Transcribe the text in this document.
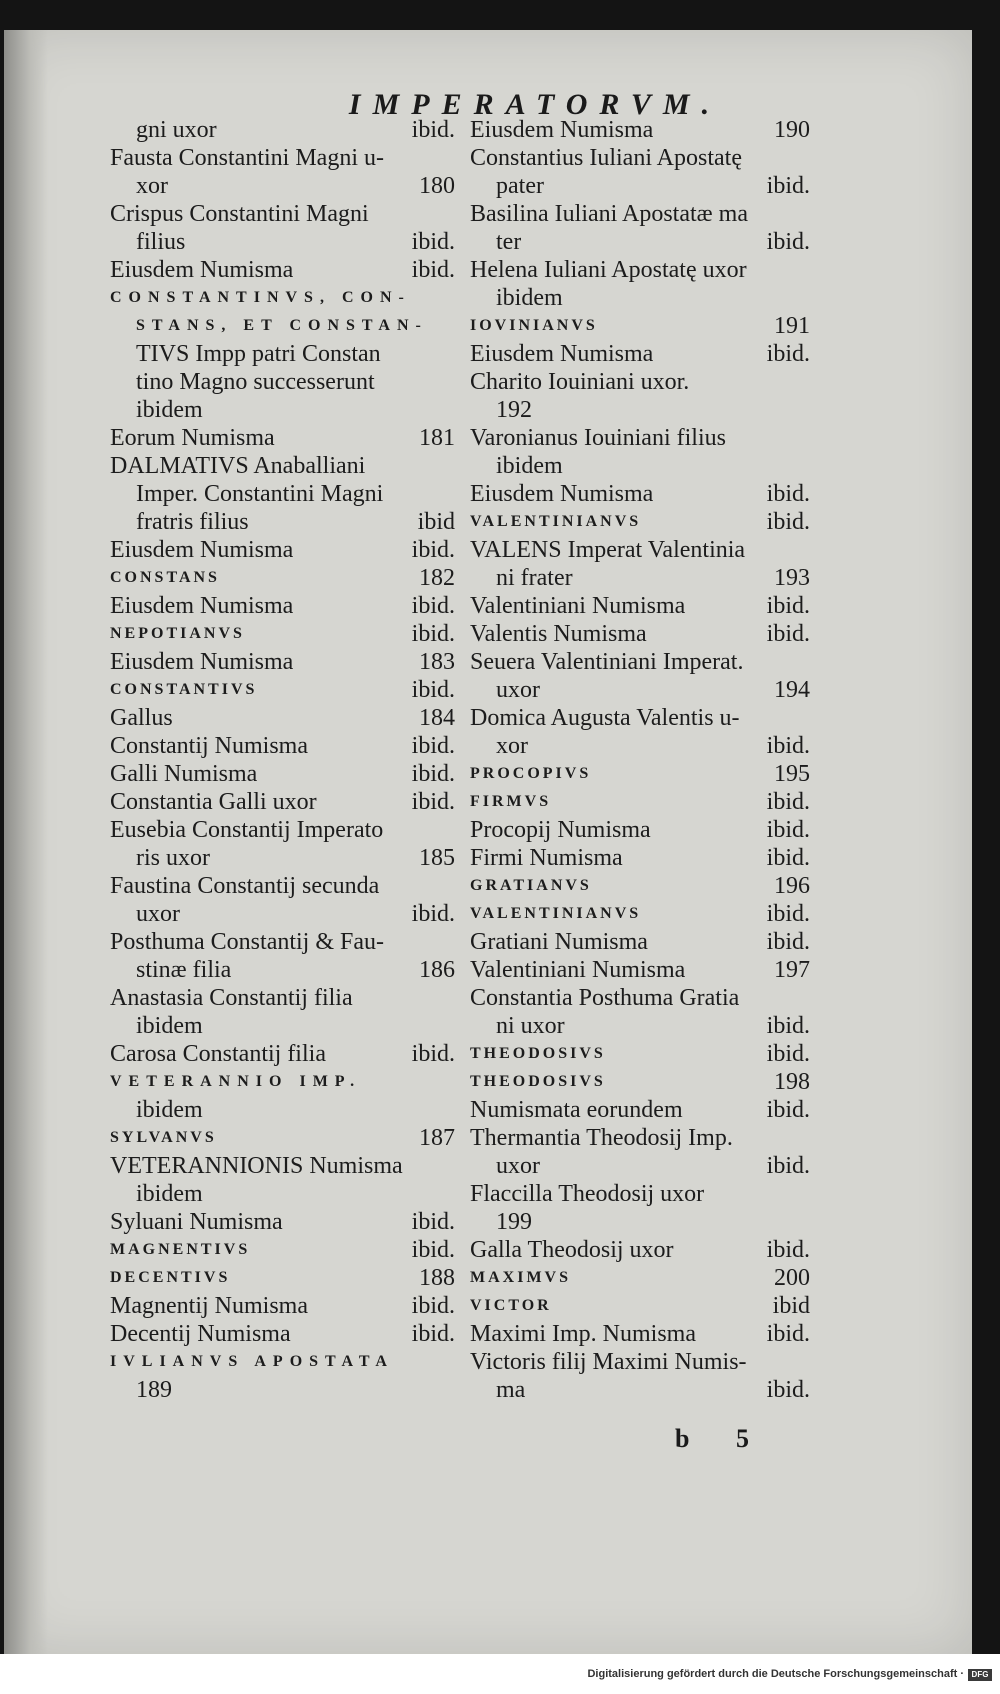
IMPERATORVM.
gni uxor	ibid.
Fausta Constantini Magni u-
xor	180
Crispus Constantini Magni
filius	ibid.
Eiusdem Numisma	ibid.
CONSTANTINVS, CON-
STANS, ET CONSTAN-
TIVS Impp patri Constan
tino Magno successerunt
ibidem
Eorum Numisma	181
DALMATIVS Anaballiani
Imper. Constantini Magni
fratris filius	ibid
Eiusdem Numisma	ibid.
CONSTANS	182
Eiusdem Numisma	ibid.
NEPOTIANVS	ibid.
Eiusdem Numisma	183
CONSTANTIVS	ibid.
Gallus	184
Constantij Numisma	ibid.
Galli Numisma	ibid.
Constantia Galli uxor	ibid.
Eusebia Constantij Imperato
ris uxor	185
Faustina Constantij secunda
uxor	ibid.
Posthuma Constantij & Fau-
stinæ filia	186
Anastasia Constantij filia
ibidem
Carosa Constantij filia	ibid.
VETERANNIO IMP.
ibidem
SYLVANVS	187
VETERANNIONIS Numisma
ibidem
Syluani Numisma	ibid.
MAGNENTIVS	ibid.
DECENTIVS	188
Magnentij Numisma	ibid.
Decentij Numisma	ibid.
IVLIANVS APOSTATA
189
Eiusdem Numisma	190
Constantius Iuliani Apostatę
pater	ibid.
Basilina Iuliani Apostatæ ma
ter	ibid.
Helena Iuliani Apostatę uxor
ibidem
IOVINIANVS	191
Eiusdem Numisma	ibid.
Charito Iouiniani uxor.
192
Varonianus Iouiniani filius
ibidem
Eiusdem Numisma	ibid.
VALENTINIANVS	ibid.
VALENS Imperat Valentinia
ni frater	193
Valentiniani Numisma	ibid.
Valentis Numisma	ibid.
Seuera Valentiniani Imperat.
uxor	194
Domica Augusta Valentis u-
xor	ibid.
PROCOPIVS	195
FIRMVS	ibid.
Procopij Numisma	ibid.
Firmi Numisma	ibid.
GRATIANVS	196
VALENTINIANVS	ibid.
Gratiani Numisma	ibid.
Valentiniani Numisma	197
Constantia Posthuma Gratia
ni uxor	ibid.
THEODOSIVS	ibid.
THEODOSIVS	198
Numismata eorundem	ibid.
Thermantia Theodosij Imp.
uxor	ibid.
Flaccilla Theodosij uxor
199
Galla Theodosij uxor	ibid.
MAXIMVS	200
VICTOR	ibid
Maximi Imp. Numisma	ibid.
Victoris filij Maximi Numis-
ma	ibid.
b 5
Digitalisierung gefördert durch die Deutsche Forschungsgemeinschaft · DFG
